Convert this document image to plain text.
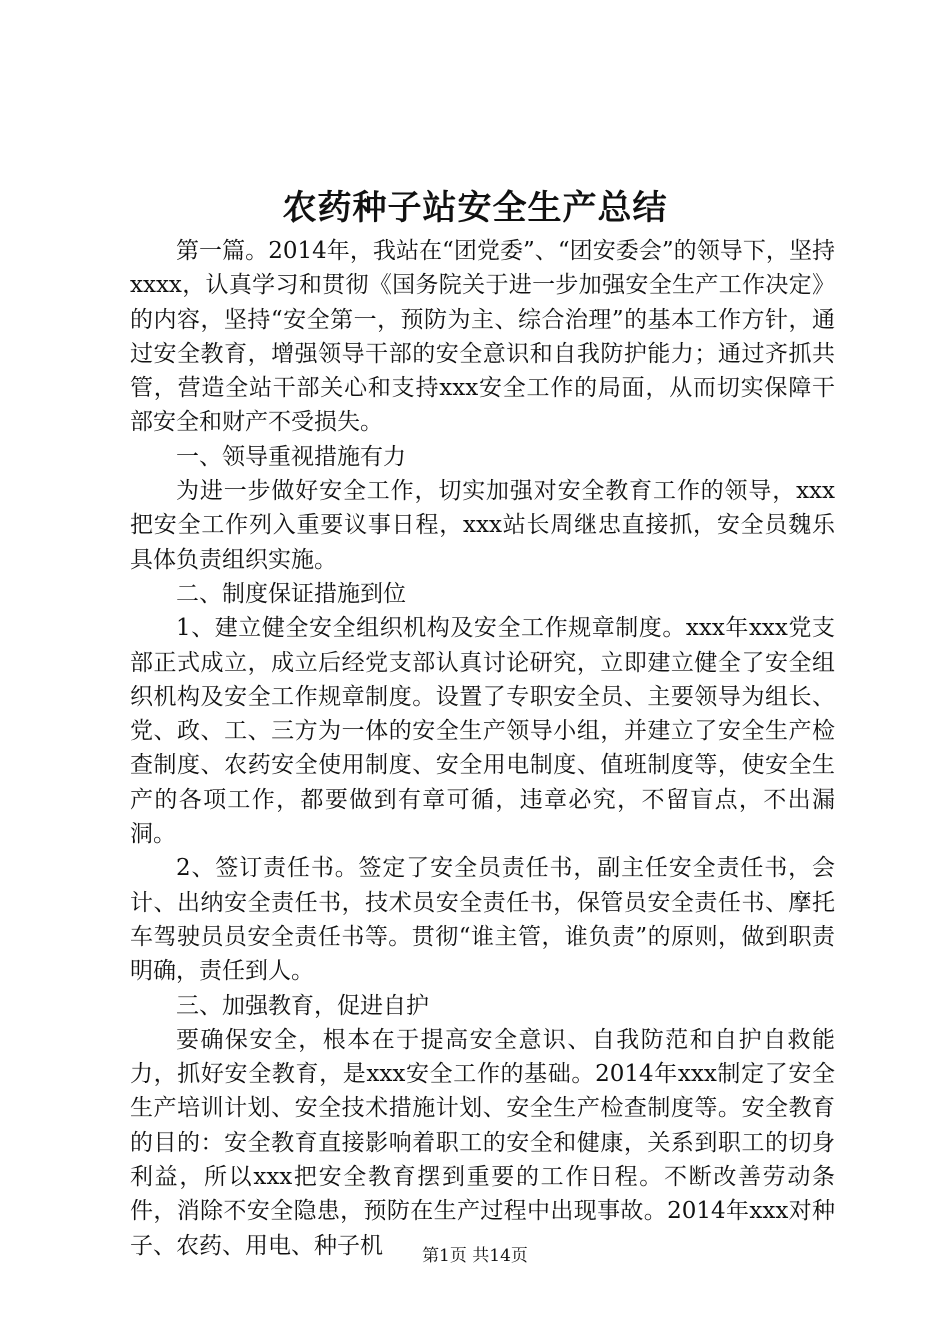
农药种子站安全生产总结

第一篇。2014年，我站在“团党委”、“团安委会”的领导下，坚持xxxx，认真学习和贯彻《国务院关于进一步加强安全生产工作决定》的内容，坚持“安全第一，预防为主、综合治理”的基本工作方针，通过安全教育，增强领导干部的安全意识和自我防护能力；通过齐抓共管，营造全站干部关心和支持xxx安全工作的局面，从而切实保障干部安全和财产不受损失。

一、领导重视措施有力

为进一步做好安全工作，切实加强对安全教育工作的领导，xxx把安全工作列入重要议事日程，xxx站长周继忠直接抓，安全员魏乐具体负责组织实施。

二、制度保证措施到位

1、建立健全安全组织机构及安全工作规章制度。xxx年xxx党支部正式成立，成立后经党支部认真讨论研究，立即建立健全了安全组织机构及安全工作规章制度。设置了专职安全员、主要领导为组长、党、政、工、三方为一体的安全生产领导小组，并建立了安全生产检查制度、农药安全使用制度、安全用电制度、值班制度等，使安全生产的各项工作，都要做到有章可循，违章必究，不留盲点，不出漏洞。

2、签订责任书。签定了安全员责任书，副主任安全责任书，会计、出纳安全责任书，技术员安全责任书，保管员安全责任书、摩托车驾驶员员安全责任书等。贯彻“谁主管，谁负责”的原则，做到职责明确，责任到人。

三、加强教育，促进自护

要确保安全，根本在于提高安全意识、自我防范和自护自救能力，抓好安全教育，是xxx安全工作的基础。2014年xxx制定了安全生产培训计划、安全技术措施计划、安全生产检查制度等。安全教育的目的：安全教育直接影响着职工的安全和健康，关系到职工的切身利益，所以xxx把安全教育摆到重要的工作日程。不断改善劳动条件，消除不安全隐患，预防在生产过程中出现事故。2014年xxx对种子、农药、用电、种子机	第1页 共14页
